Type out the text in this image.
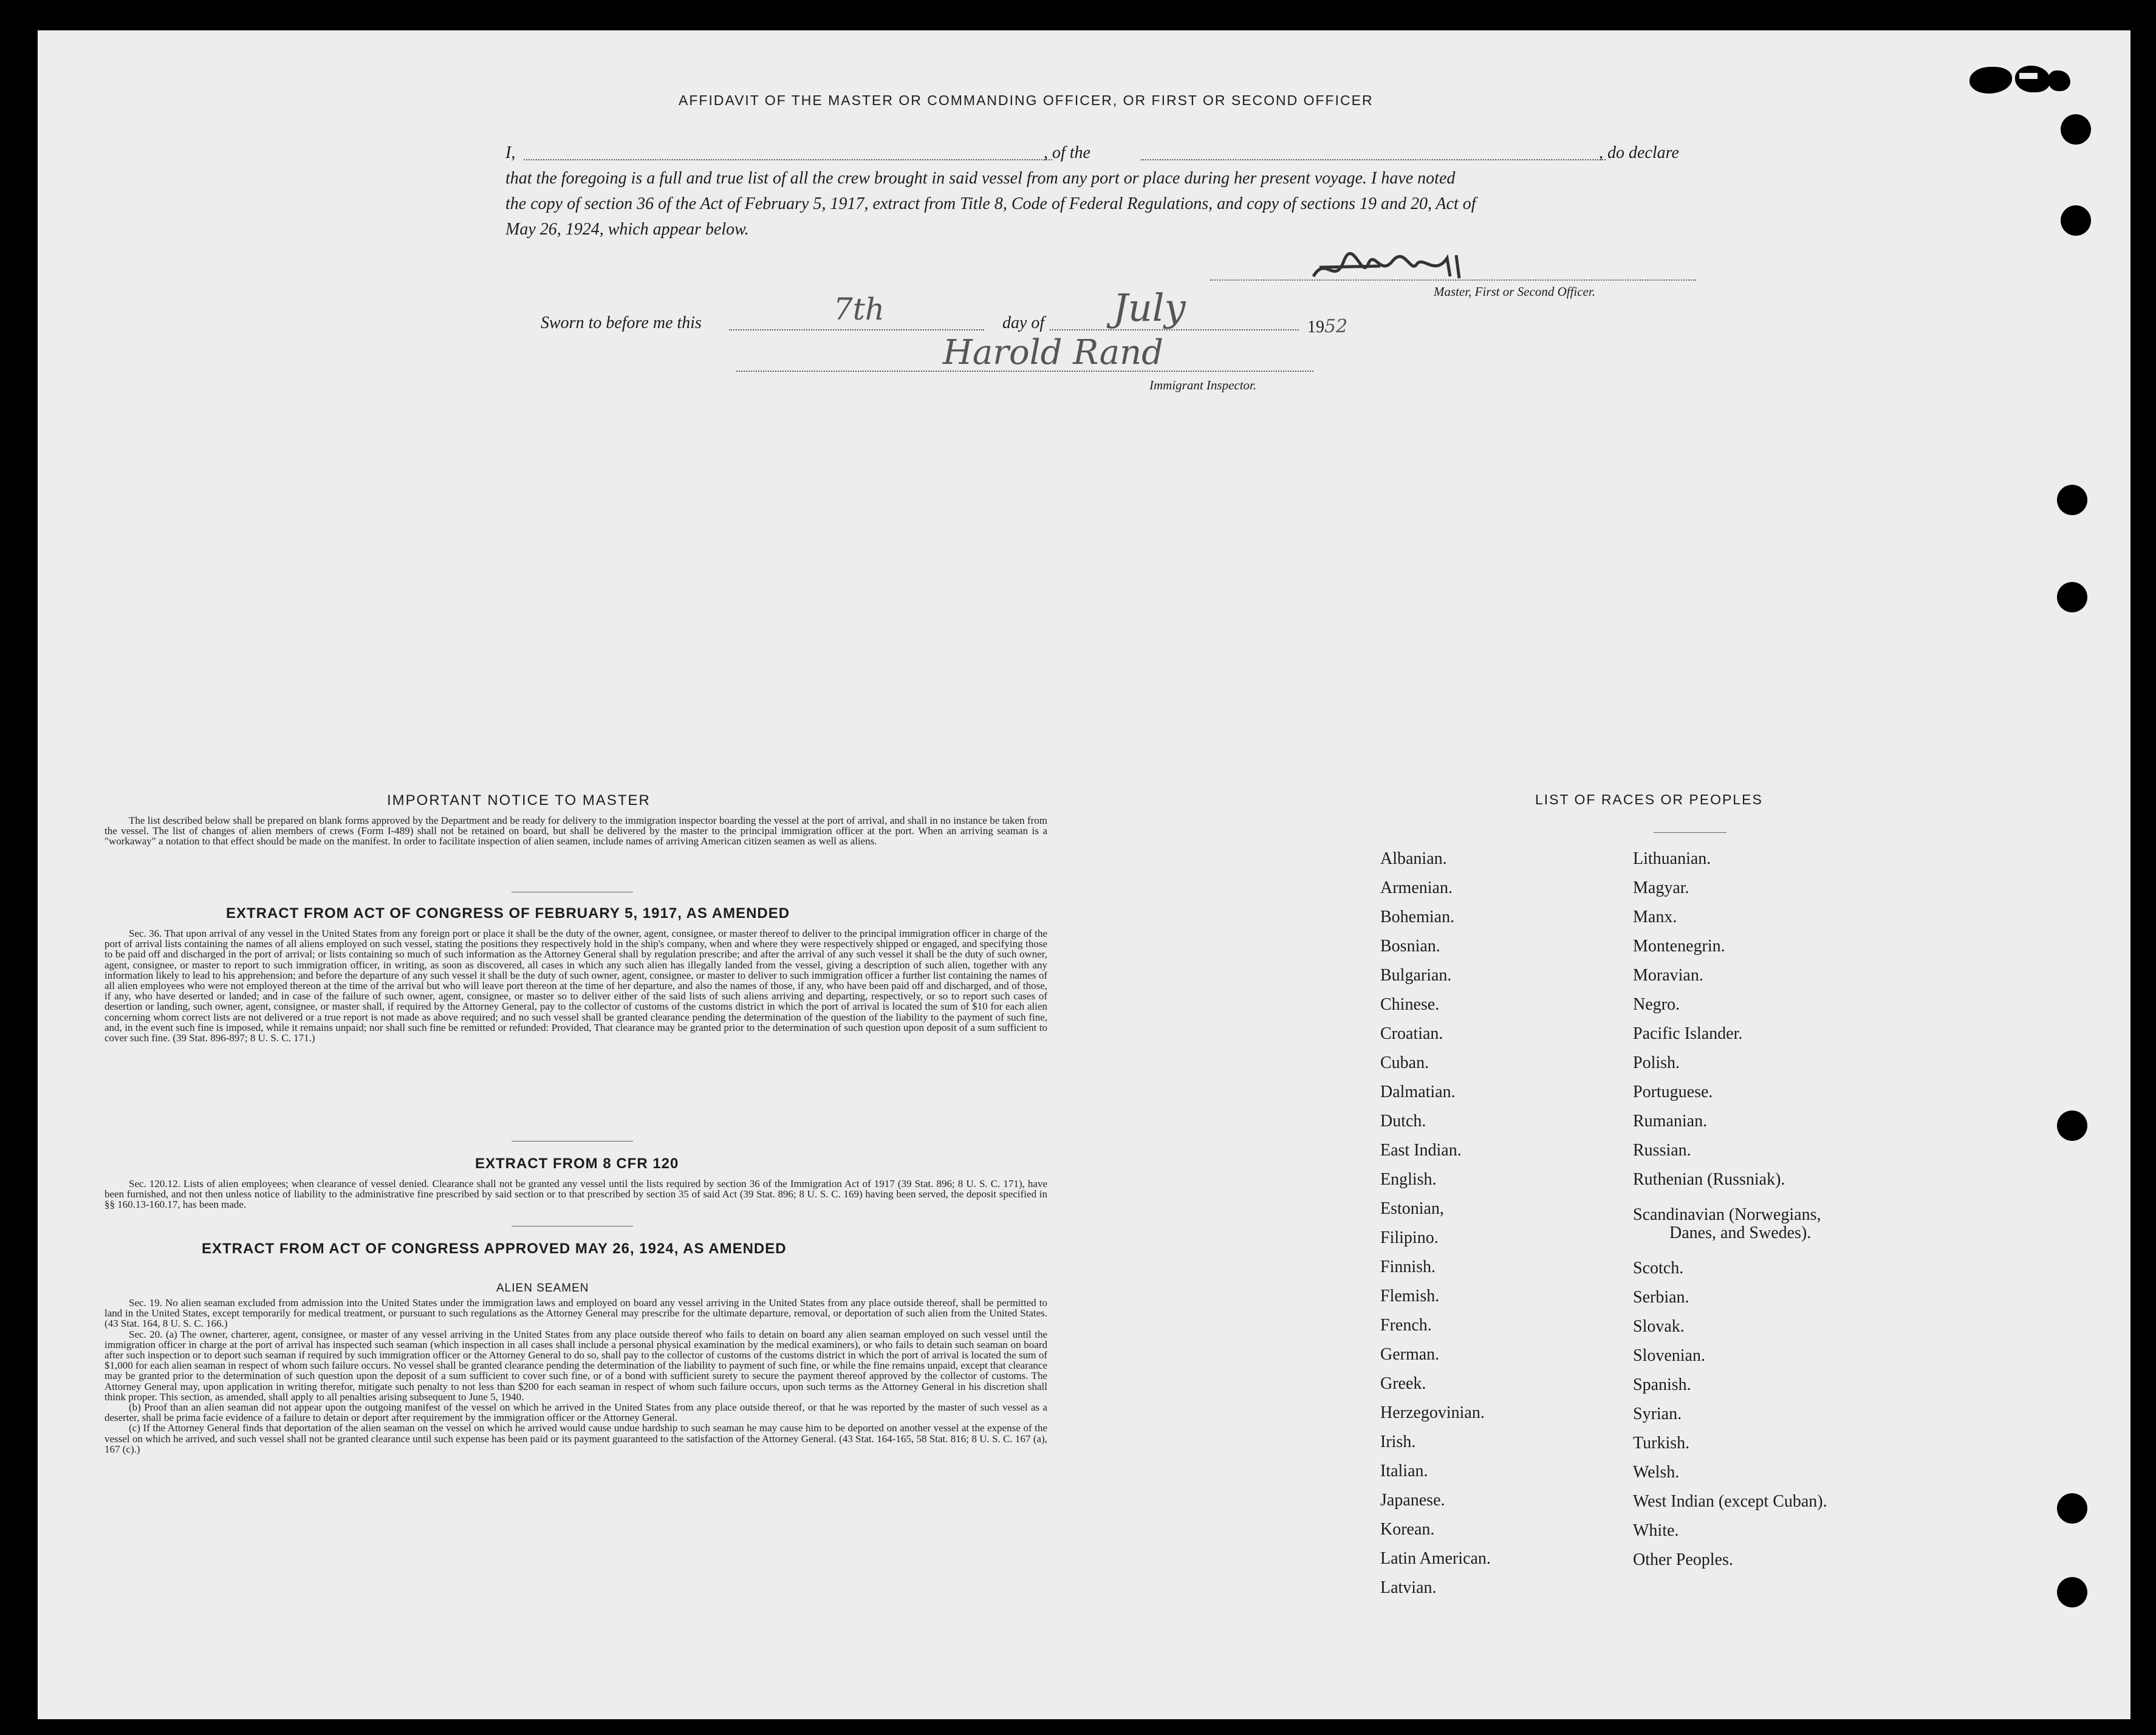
AFFIDAVIT OF THE MASTER OR COMMANDING OFFICER, OR FIRST OR SECOND OFFICER
I,	, of the	, do declare
that the foregoing is a full and true list of all the crew brought in said vessel from any port or place during her present voyage. I have noted
the copy of section 36 of the Act of February 5, 1917, extract from Title 8, Code of Federal Regulations, and copy of sections 19 and 20, Act of
May 26, 1924, which appear below.
Master, First or Second Officer.
Sworn to before me this	7th	day of July	1952
Harold Rand
Immigrant Inspector.
IMPORTANT NOTICE TO MASTER

The list described below shall be prepared on blank forms approved by the Department and be ready for delivery to the immigration inspector boarding the vessel at the port of arrival, and shall in no instance be taken from the vessel. The list of changes of alien members of crews (Form I-489) shall not be retained on board, but shall be delivered by the master to the principal immigration officer at the port. When an arriving seaman is a "workaway" a notation to that effect should be made on the manifest. In order to facilitate inspection of alien seamen, include names of arriving American citizen seamen as well as aliens.

EXTRACT FROM ACT OF CONGRESS OF FEBRUARY 5, 1917, AS AMENDED

Sec. 36. That upon arrival of any vessel in the United States from any foreign port or place it shall be the duty of the owner, agent, consignee, or master thereof to deliver to the principal immigration officer in charge of the port of arrival lists containing the names of all aliens employed on such vessel, stating the positions they respectively hold in the ship's company, when and where they were respectively shipped or engaged, and specifying those to be paid off and discharged in the port of arrival; or lists containing so much of such information as the Attorney General shall by regulation prescribe; and after the arrival of any such vessel it shall be the duty of such owner, agent, consignee, or master to report to such immigration officer, in writing, as soon as discovered, all cases in which any such alien has illegally landed from the vessel, giving a description of such alien, together with any information likely to lead to his apprehension; and before the departure of any such vessel it shall be the duty of such owner, agent, consignee, or master to deliver to such immigration officer a further list containing the names of all alien employees who were not employed thereon at the time of the arrival but who will leave port thereon at the time of her departure, and also the names of those, if any, who have been paid off and discharged, and of those, if any, who have deserted or landed; and in case of the failure of such owner, agent, consignee, or master so to deliver either of the said lists of such aliens arriving and departing, respectively, or so to report such cases of desertion or landing, such owner, agent, consignee, or master shall, if required by the Attorney General, pay to the collector of customs of the customs district in which the port of arrival is located the sum of $10 for each alien concerning whom correct lists are not delivered or a true report is not made as above required; and no such vessel shall be granted clearance pending the determination of the question of the liability to the payment of such fine, and, in the event such fine is imposed, while it remains unpaid; nor shall such fine be remitted or refunded: Provided, That clearance may be granted prior to the determination of such question upon deposit of a sum sufficient to cover such fine. (39 Stat. 896-897; 8 U. S. C. 171.)

EXTRACT FROM 8 CFR 120

Sec. 120.12. Lists of alien employees; when clearance of vessel denied. Clearance shall not be granted any vessel until the lists required by section 36 of the Immigration Act of 1917 (39 Stat. 896; 8 U. S. C. 171), have been furnished, and not then unless notice of liability to the administrative fine prescribed by said section or to that prescribed by section 35 of said Act (39 Stat. 896; 8 U. S. C. 169) having been served, the deposit specified in §§ 160.13-160.17, has been made.

EXTRACT FROM ACT OF CONGRESS APPROVED MAY 26, 1924, AS AMENDED
ALIEN SEAMEN

Sec. 19. No alien seaman excluded from admission into the United States under the immigration laws and employed on board any vessel arriving in the United States from any place outside thereof, shall be permitted to land in the United States, except temporarily for medical treatment, or pursuant to such regulations as the Attorney General may prescribe for the ultimate departure, removal, or deportation of such alien from the United States. (43 Stat. 164, 8 U. S. C. 166.)

Sec. 20. (a) The owner, charterer, agent, consignee, or master of any vessel arriving in the United States from any place outside thereof who fails to detain on board any alien seaman employed on such vessel until the immigration officer in charge at the port of arrival has inspected such seaman (which inspection in all cases shall include a personal physical examination by the medical examiners), or who fails to detain such seaman on board after such inspection or to deport such seaman if required by such immigration officer or the Attorney General to do so, shall pay to the collector of customs of the customs district in which the port of arrival is located the sum of $1,000 for each alien seaman in respect of whom such failure occurs. No vessel shall be granted clearance pending the determination of the liability to payment of such fine, or while the fine remains unpaid, except that clearance may be granted prior to the determination of such question upon the deposit of a sum sufficient to cover such fine, or of a bond with sufficient surety to secure the payment thereof approved by the collector of customs. The Attorney General may, upon application in writing therefor, mitigate such penalty to not less than $200 for each seaman in respect of whom such failure occurs, upon such terms as the Attorney General in his discretion shall think proper. This section, as amended, shall apply to all penalties arising subsequent to June 5, 1940.

(b) Proof than an alien seaman did not appear upon the outgoing manifest of the vessel on which he arrived in the United States from any place outside thereof, or that he was reported by the master of such vessel as a deserter, shall be prima facie evidence of a failure to detain or deport after requirement by the immigration officer or the Attorney General.

(c) If the Attorney General finds that deportation of the alien seaman on the vessel on which he arrived would cause undue hardship to such seaman he may cause him to be deported on another vessel at the expense of the vessel on which he arrived, and such vessel shall not be granted clearance until such expense has been paid or its payment guaranteed to the satisfaction of the Attorney General. (43 Stat. 164-165, 58 Stat. 816; 8 U. S. C. 167 (a), 167 (c).)

LIST OF RACES OR PEOPLES
Albanian.
Armenian.
Bohemian.
Bosnian.
Bulgarian.
Chinese.
Croatian.
Cuban.
Dalmatian.
Dutch.
East Indian.
English.
Estonian,
Filipino.
Finnish.
Flemish.
French.
German.
Greek.
Herzegovinian.
Irish.
Italian.
Japanese.
Korean.
Latin American.
Latvian.
Lithuanian.
Magyar.
Manx.
Montenegrin.
Moravian.
Negro.
Pacific Islander.
Polish.
Portuguese.
Rumanian.
Russian.
Ruthenian (Russniak).
Scandinavian (Norwegians,
Danes, and Swedes).
Scotch.
Serbian.
Slovak.
Slovenian.
Spanish.
Syrian.
Turkish.
Welsh.
West Indian (except Cuban).
White.
Other Peoples.
